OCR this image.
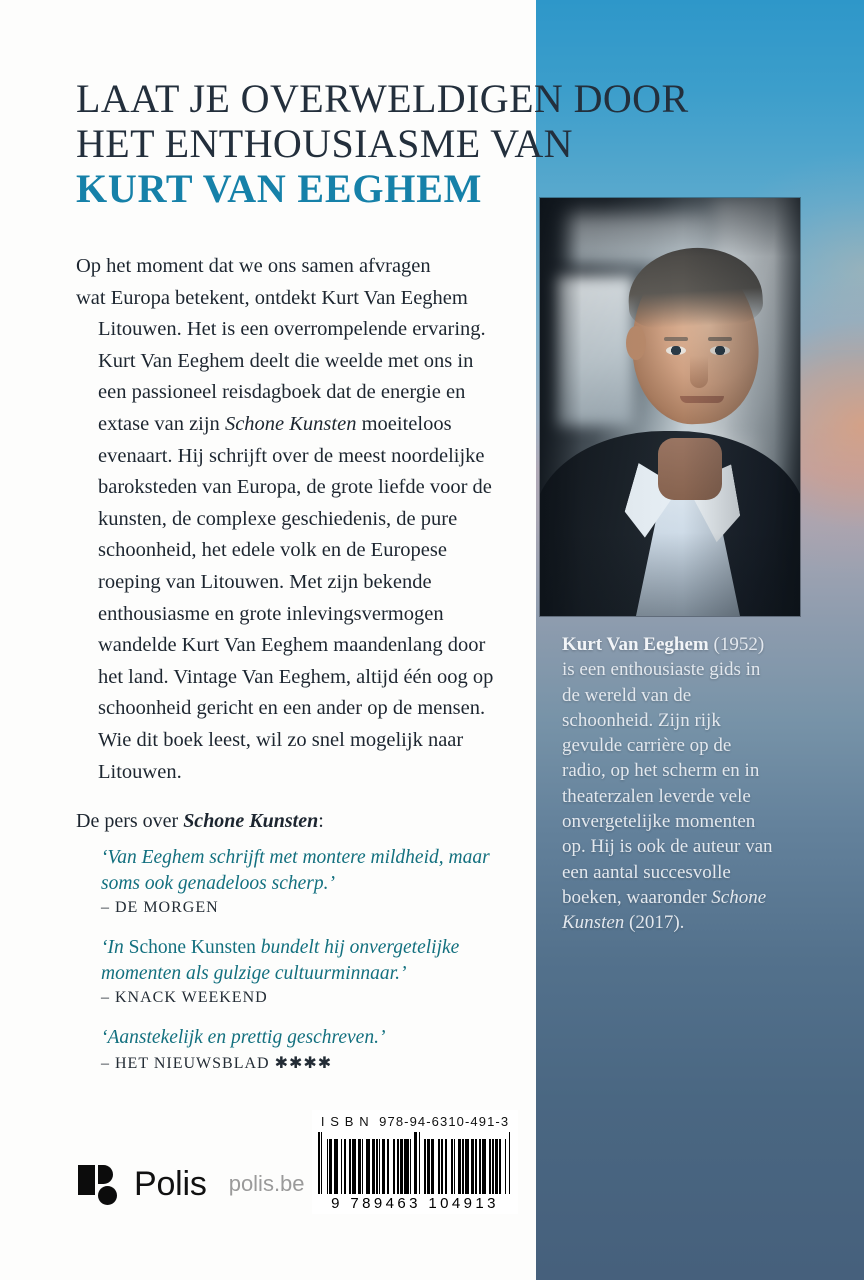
LAAT JE OVERWELDIGEN DOOR
HET ENTHOUSIASME VAN
KURT VAN EEGHEM

Op het moment dat we ons samen afvragen

wat Europa betekent, ontdekt Kurt Van Eeghem Litouwen. Het is een overrompelende ervaring. Kurt Van Eeghem deelt die weelde met ons in een passioneel reisdagboek dat de energie en extase van zijn Schone Kunsten moeiteloos evenaart. Hij schrijft over de meest noordelijke baroksteden van Europa, de grote liefde voor de kunsten, de complexe geschiedenis, de pure schoonheid, het edele volk en de Europese roeping van Litouwen. Met zijn bekende enthousiasme en grote inlevingsvermogen wandelde Kurt Van Eeghem maandenlang door het land. Vintage Van Eeghem, altijd één oog op schoonheid gericht en een ander op de mensen. Wie dit boek leest, wil zo snel mogelijk naar Litouwen.

De pers over Schone Kunsten:
‘Van Eeghem schrijft met montere mildheid, maar soms ook genadeloos scherp.’
– DE MORGEN
‘In Schone Kunsten bundelt hij onvergetelijke momenten als gulzige cultuurminnaar.’
– KNACK WEEKEND
‘Aanstekelijk en prettig geschreven.’
– HET NIEUWSBLAD ✱✱✱✱
Kurt Van Eeghem (1952) is een enthousiaste gids in de wereld van de schoonheid. Zijn rijk gevulde carrière op de radio, op het scherm en in theaterzalen leverde vele onvergetelijke momenten op. Hij is ook de auteur van een aantal succesvolle boeken, waaronder Schone Kunsten (2017).
I S B N 978-94-6310-491-3
9 789463 104913
Polis polis.be
